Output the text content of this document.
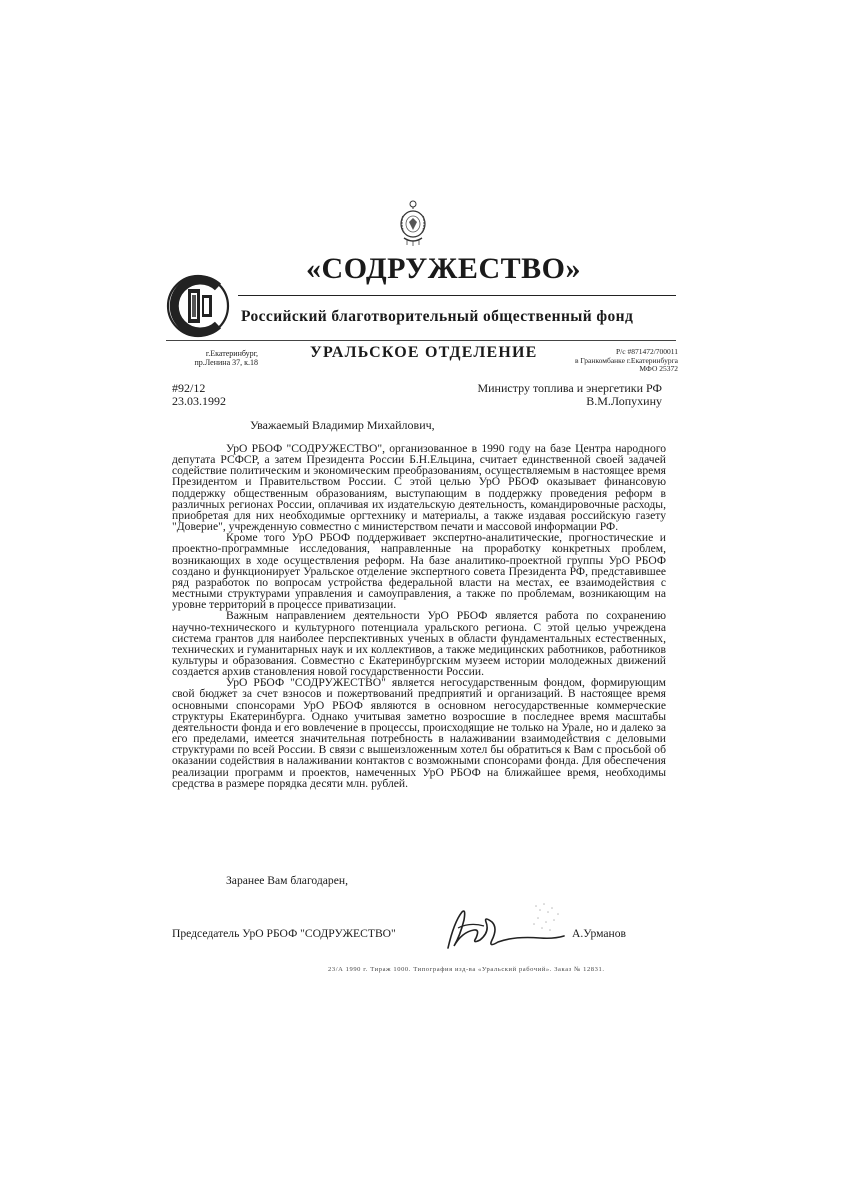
«СОДРУЖЕСТВО»
Российский благотворительный общественный фонд
г.Екатеринбург,
пр.Ленина 37, к.18
УРАЛЬСКОЕ ОТДЕЛЕНИЕ	Р/с #871472/700011
в Гранкомбанке г.Екатеринбурга
МФО 25372
#92/12
23.03.1992
Министру топлива и энергетики РФ
В.М.Лопухину
Уважаемый Владимир Михайлович,

УрО РБОФ "СОДРУЖЕСТВО", организованное в 1990 году на базе Центра народного депутата РСФСР, а затем Президента России Б.Н.Ельцина, считает единственной своей задачей содействие политическим и экономическим преобразованиям, осуществляемым в настоящее время Президентом и Правительством России. С этой целью УрО РБОФ оказывает финансовую поддержку общественным образованиям, выступающим в поддержку проведения реформ в различных регионах России, оплачивая их издательскую деятельность, командировочные расходы, приобретая для них необходимые оргтехнику и материалы, а также издавая российскую газету "Доверие", учрежденную совместно с министерством печати и массовой информации РФ.

Кроме того УрО РБОФ поддерживает экспертно-аналитические, прогностические и проектно-программные исследования, направленные на проработку конкретных проблем, возникающих в ходе осуществления реформ. На базе аналитико-проектной группы УрО РБОФ создано и функционирует Уральское отделение экспертного совета Президента РФ, представившее ряд разработок по вопросам устройства федеральной власти на местах, ее взаимодействия с местными структурами управления и самоуправления, а также по проблемам, возникающим на уровне территорий в процессе приватизации.

Важным направлением деятельности УрО РБОФ является работа по сохранению научно-технического и культурного потенциала уральского региона. С этой целью учреждена система грантов для наиболее перспективных ученых в области фундаментальных естественных, технических и гуманитарных наук и их коллективов, а также медицинских работников, работников культуры и образования. Совместно с Екатеринбургским музеем истории молодежных движений создается архив становления новой государственности России.

УрО РБОФ "СОДРУЖЕСТВО" является негосударственным фондом, формирующим свой бюджет за счет взносов и пожертвований предприятий и организаций. В настоящее время основными спонсорами УрО РБОФ являются в основном негосударственные коммерческие структуры Екатеринбурга. Однако учитывая заметно возросшие в последнее время масштабы деятельности фонда и его вовлечение в процессы, происходящие не только на Урале, но и далеко за его пределами, имеется значительная потребность в налаживании взаимодействия с деловыми структурами по всей России. В связи с вышеизложенным хотел бы обратиться к Вам с просьбой об оказании содействия в налаживании контактов с возможными спонсорами фонда. Для обеспечения реализации программ и проектов, намеченных УрО РБОФ на ближайшее время, необходимы средства в размере порядка десяти млн. рублей.

Заранее Вам благодарен,
Председатель УрО РБОФ "СОДРУЖЕСТВО"	А.Урманов
23/А 1990 г. Тираж 1000. Типография изд-ва «Уральский рабочий». Заказ № 12831.
